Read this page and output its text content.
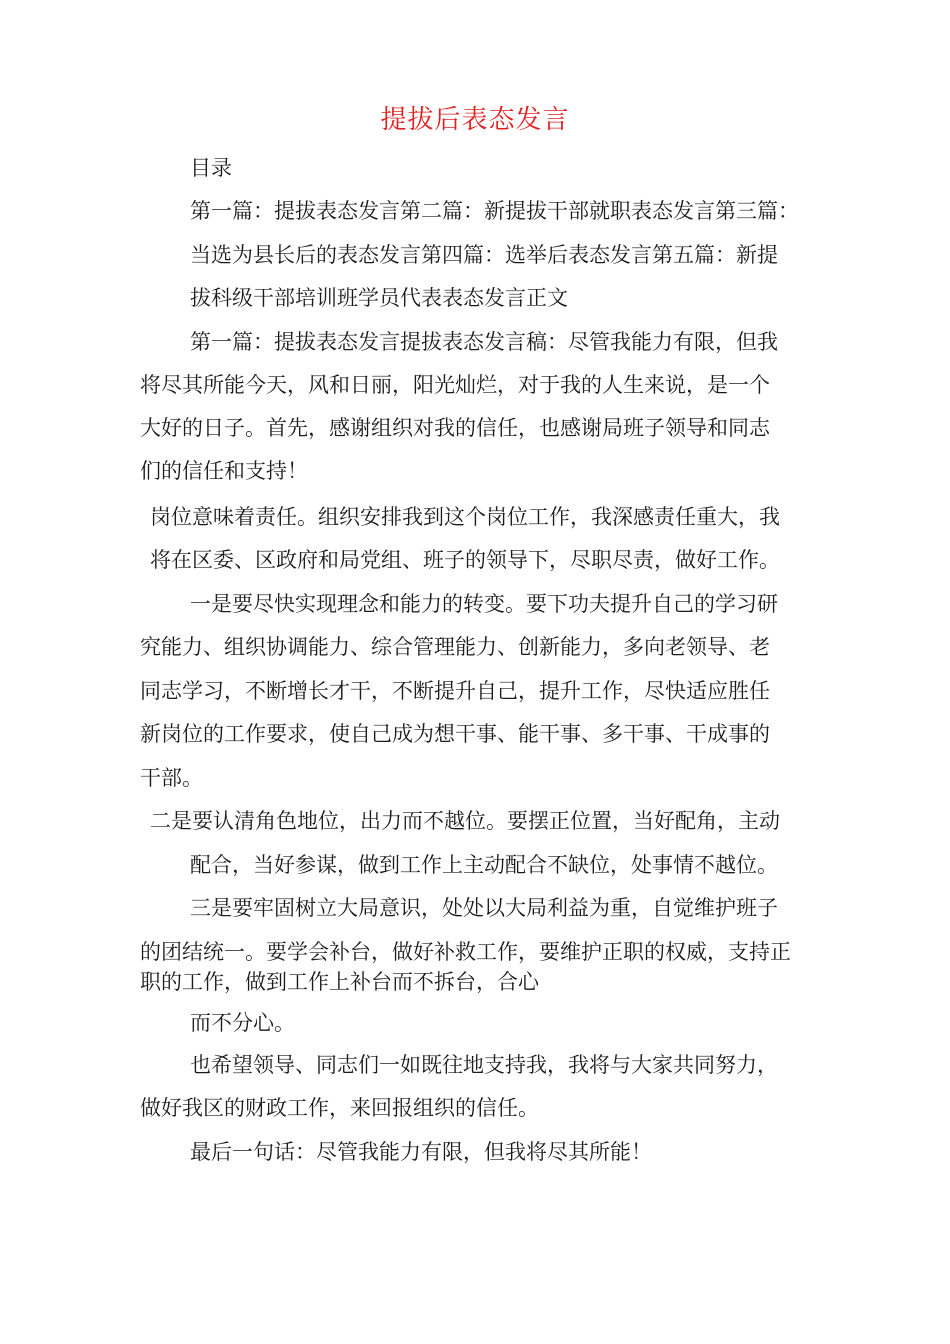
提拔后表态发言
目录
第一篇：提拔表态发言第二篇：新提拔干部就职表态发言第三篇：
当选为县长后的表态发言第四篇：选举后表态发言第五篇：新提
拔科级干部培训班学员代表表态发言正文
第一篇：提拔表态发言提拔表态发言稿：尽管我能力有限，但我
将尽其所能今天，风和日丽，阳光灿烂，对于我的人生来说，是一个
大好的日子。首先，感谢组织对我的信任，也感谢局班子领导和同志
们的信任和支持！
岗位意味着责任。组织安排我到这个岗位工作，我深感责任重大，我
将在区委、区政府和局党组、班子的领导下，尽职尽责，做好工作。
一是要尽快实现理念和能力的转变。要下功夫提升自己的学习研
究能力、组织协调能力、综合管理能力、创新能力，多向老领导、老
同志学习，不断增长才干，不断提升自己，提升工作，尽快适应胜任
新岗位的工作要求，使自己成为想干事、能干事、多干事、干成事的
干部。
二是要认清角色地位，出力而不越位。要摆正位置，当好配角，主动
配合，当好参谋，做到工作上主动配合不缺位，处事情不越位。
三是要牢固树立大局意识，处处以大局利益为重，自觉维护班子
的团结统一。要学会补台，做好补救工作，要维护正职的权威，支持正
职的工作，做到工作上补台而不拆台，合心
而不分心。
也希望领导、同志们一如既往地支持我，我将与大家共同努力，
做好我区的财政工作，来回报组织的信任。
最后一句话：尽管我能力有限，但我将尽其所能！
